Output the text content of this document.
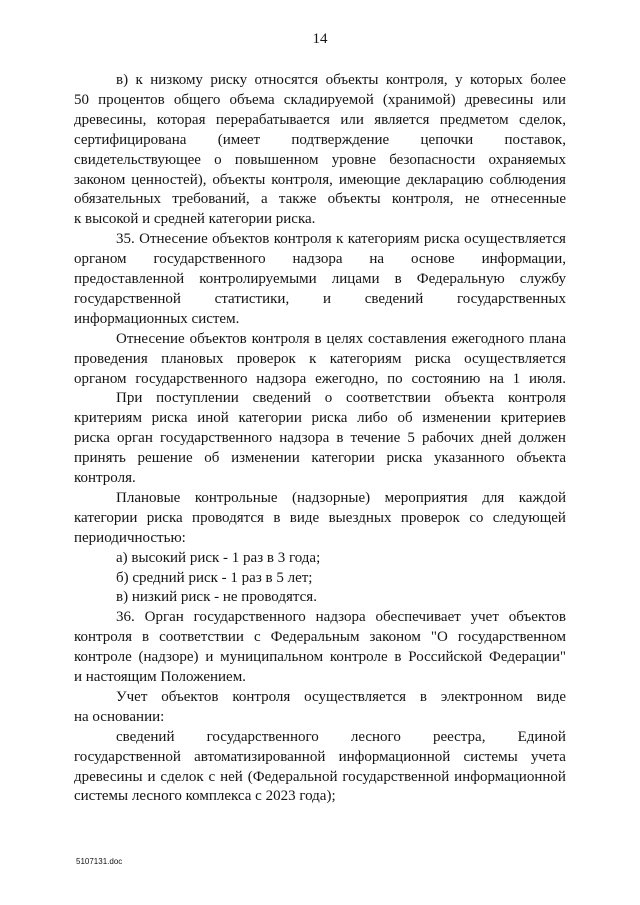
14
в) к низкому риску относятся объекты контроля, у которых более
50 процентов общего объема складируемой (хранимой) древесины или
древесины, которая перерабатывается или является предметом сделок,
сертифицирована (имеет подтверждение цепочки поставок,
свидетельствующее о повышенном уровне безопасности охраняемых
законом ценностей), объекты контроля, имеющие декларацию соблюдения
обязательных требований, а также объекты контроля, не отнесенные
к высокой и средней категории риска.
35. Отнесение объектов контроля к категориям риска осуществляется
органом государственного надзора на основе информации,
предоставленной контролируемыми лицами в Федеральную службу
государственной статистики, и сведений государственных
информационных систем.
Отнесение объектов контроля в целях составления ежегодного плана
проведения плановых проверок к категориям риска осуществляется
органом государственного надзора ежегодно, по состоянию на 1 июля.
При поступлении сведений о соответствии объекта контроля
критериям риска иной категории риска либо об изменении критериев
риска орган государственного надзора в течение 5 рабочих дней должен
принять решение об изменении категории риска указанного объекта
контроля.
Плановые контрольные (надзорные) мероприятия для каждой
категории риска проводятся в виде выездных проверок со следующей
периодичностью:
а) высокий риск - 1 раз в 3 года;
б) средний риск - 1 раз в 5 лет;
в) низкий риск - не проводятся.
36. Орган государственного надзора обеспечивает учет объектов
контроля в соответствии с Федеральным законом "О государственном
контроле (надзоре) и муниципальном контроле в Российской Федерации"
и настоящим Положением.
Учет объектов контроля осуществляется в электронном виде
на основании:
сведений государственного лесного реестра, Единой
государственной автоматизированной информационной системы учета
древесины и сделок с ней (Федеральной государственной информационной
системы лесного комплекса с 2023 года);
5107131.doc
